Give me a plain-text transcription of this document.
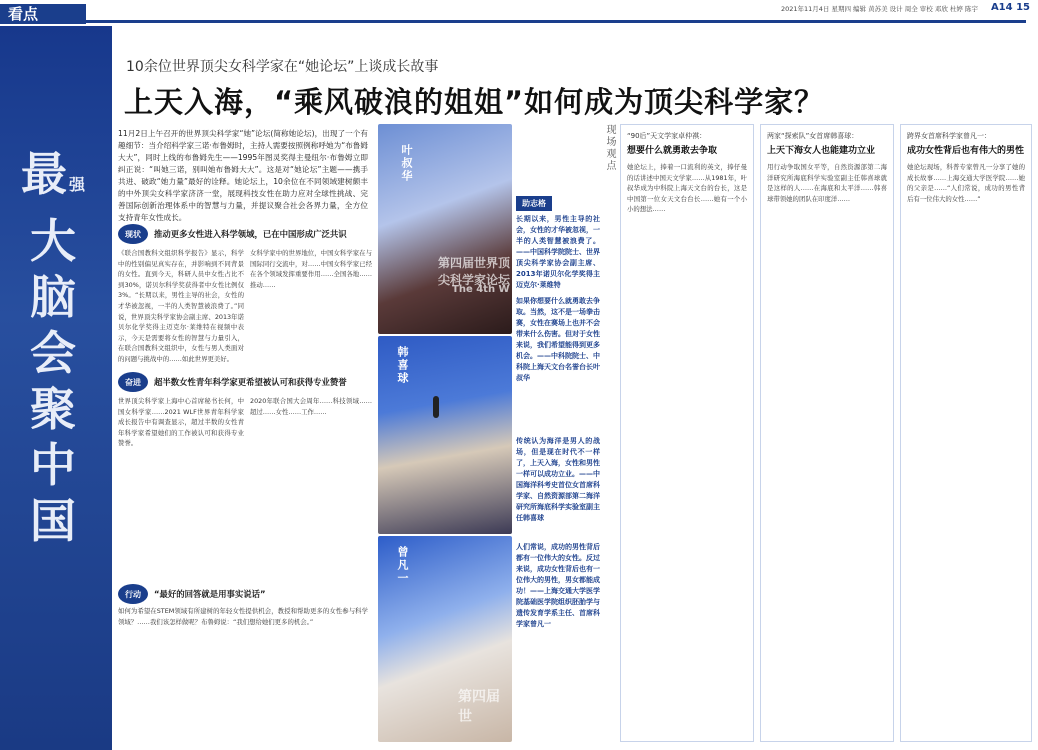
看点	2021年11月4日 星期四 编辑 黄苏美 设计 周全 审校 邓欣 杜婷 陈宇 A14 15
最强
大
脑
会
聚
中
国
10余位世界顶尖女科学家在“她论坛”上谈成长故事
上天入海，“乘风破浪的姐姐”如何成为顶尖科学家？
11月2日上午召开的世界顶尖科学家“她”论坛(简称她论坛)，出现了一个有趣细节：当介绍科学家三诺·布鲁姆时，主持人需要按照例称呼她为“布鲁姆大大”，同时上线的布鲁姆先生——1995年图灵奖得主曼纽尔·布鲁姆立即纠正说：“叫她三诺，别叫她布鲁姆大大”。这是对“她论坛”主题——携手共进、破政“她力量”最好的诠释。她论坛上，10余位在不同领域建树颇丰的中外顶尖女科学家济济一堂，展现科技女性在助力应对全球性挑战、完善国际创新治理体系中的智慧与力量，并提议聚合社会各界力量，全方位支持青年女性成长。
现状	推动更多女性进入科学领域，已在中国形成广泛共识
《联合国教科文组织科学报告》显示，科学中的性别偏见真实存在，并影响到不同背景的女性。直到今天，科研人员中女性占比不到30%，诺贝尔科学奖获得者中女性比例仅3%。“长期以来，男性主导的社会，女性的才华被忽视，一半的人类智慧被浪费了。”同说，世界顶尖科学家协会副主席、2013年诺贝尔化学奖得主迈克尔·莱维特在视频中表示，今天是需要将女性的智慧与力量引入，在联合国教科文组织中，女性与男人类面对的问题与挑战中的……如此世界更美好。
女科学家中的世界地位，中国女科学家在与国际同行交流中，对……中国女科学家已经在各个领域发挥重要作用……全国各地……推动……
奋进	超半数女性青年科学家更希望被认可和获得专业赞誉
世界顶尖科学家上海中心首席秘书长何，中国女科学家……2021 WLF世界青年科学家成长报告中有调查显示，超过半数的女性青年科学家希望她们的工作被认可和获得专业赞誉。
2020年联合国大会周年……科技领域……超过……女性……工作……
行动	“最好的回答就是用事实说话”
如何为希望在STEM领域有所建树的年轻女性提供机会，教授和帮助更多的女性参与科学领域？……我们该怎样做呢？布鲁姆说：“我们想给她们更多的机会。”
叶叔华
第四届世界顶尖科学家论坛
The 4th W
韩喜球
曾凡一
第四届世
助志格
长期以来，男性主导的社会，女性的才华被忽视，一半的人类智慧被浪费了。——中国科学院院士、世界顶尖科学家协会副主席、2013年诺贝尔化学奖得主迈克尔·莱维特
如果你想要什么就勇敢去争取。当然，这不是一场拳击赛，女性在赛场上也并不会带来什么伤害。但对于女性来说，我们希望能得到更多机会。——中科院院士、中科院上海天文台名誉台长叶叔华
传统认为海洋是男人的战场，但是现在时代不一样了，上天入海，女性和男性一样可以成功立业。——中国海洋科考史首位女首席科学家、自然资源部第二海洋研究所海底科学实验室副主任韩喜球
人们常说，成功的男性背后都有一位伟大的女性。反过来说，成功女性背后也有一位伟大的男性，男女都能成功！——上海交通大学医学院基础医学院组织胚胎学与遗传发育学系主任、首席科学家曾凡一
现场观点 “90后”天文学家卓仲祺：
想要什么就勇敢去争取
她论坛上，捧着一口流利的英文，捧仔曼的话讲述中国天文学家……从1981年，叶叔华成为中科院上海天文台的台长，这是中国第一位女天文台台长……她有一个小小的想法……
两家“探索队”女首席韩喜球：
上天下海女人也能建功立业
用行动争取国女平等，自然资源部第二海洋研究所海底科学实验室副主任韩喜球就是这样的人……在海底和太平洋……韩喜球带领她的团队在印度洋……
跨界女首席科学家曾凡一：
成功女性背后也有伟大的男性
她论坛现场，科普专家曾凡一分享了她的成长故事……上海交通大学医学院……她的父亲是……“人们常说，成功的男性背后有一位伟大的女性……”
